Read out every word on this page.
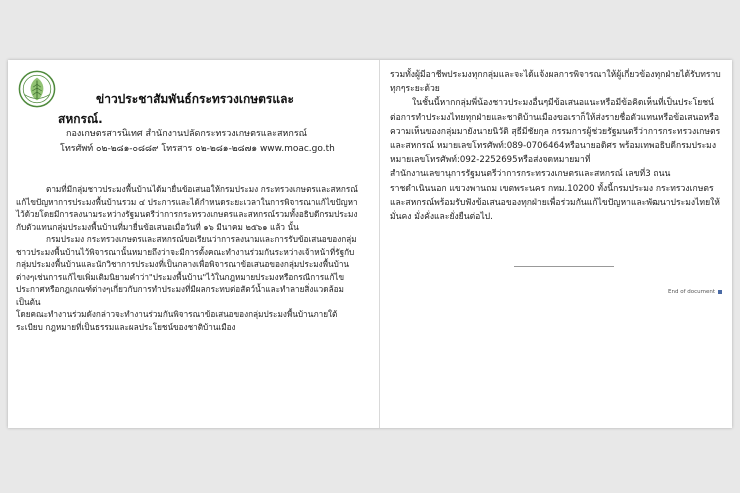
ข่าวประชาสัมพันธ์กระทรวงเกษตรและ
สหกรณ์.
กองเกษตรสารนิเทศ สำนักงานปลัดกระทรวงเกษตรและสหกรณ์
โทรศัพท์ ๐๒-๒๘๑-๐๘๘๙ โทรสาร ๐๒-๒๘๑-๒๘๗๑ www.moac.go.th

ตามที่มีกลุ่มชาวประมงพื้นบ้านได้มายื่นข้อเสนอให้กรมประมง กระทรวงเกษตรและสหกรณ์แก้ไขปัญหาการประมงพื้นบ้านรวม ๔ ประการและได้กำหนดระยะเวลาในการพิจารณาแก้ไขปัญหาไว้ด้วยโดยมีการลงนามระหว่างรัฐมนตรีว่าการกระทรวงเกษตรและสหกรณ์รวมทั้งอธิบดีกรมประมงกับตัวแทนกลุ่มประมงพื้นบ้านที่มายื่นข้อเสนอเมื่อวันที่ ๑๖ มีนาคม ๒๕๖๑ แล้ว นั้น

กรมประมง กระทรวงเกษตรและสหกรณ์ขอเรียนว่าการลงนามและการรับข้อเสนอของกลุ่มชาวประมงพื้นบ้านไว้พิจารณานั้นหมายถึงว่าจะมีการตั้งคณะทำงานร่วมกันระหว่างเจ้าหน้าที่รัฐกับกลุ่มประมงพื้นบ้านและนักวิชาการประมงที่เป็นกลางเพื่อพิจารณาข้อเสนอของกลุ่มประมงพื้นบ้านต่างๆเช่นการแก้ไขเพิ่มเติมนิยามคำว่า"ประมงพื้นบ้าน"ไว้ในกฎหมายประมงหรือกรณีการแก้ไขประกาศหรือกฎเกณฑ์ต่างๆเกี่ยวกับการทำประมงที่มีผลกระทบต่อสัตว์น้ำและทำลายสิ่งแวดล้อม เป็นต้น

โดยคณะทำงานร่วมดังกล่าวจะทำงานร่วมกันพิจารณาข้อเสนอของกลุ่มประมงพื้นบ้านภายใต้ระเบียบ กฎหมายที่เป็นธรรมและผลประโยชน์ของชาติบ้านเมือง

รวมทั้งผู้มีอาชีพประมงทุกกลุ่มและจะได้แจ้งผลการพิจารณาให้ผู้เกี่ยวข้องทุกฝ่ายได้รับทราบทุกๆระยะด้วย

ในชั้นนี้หากกลุ่มพี่น้องชาวประมงอื่นๆมีข้อเสนอแนะหรือมีข้อคิดเห็นที่เป็นประโยชน์ต่อการทำประมงไทยทุกฝ่ายและชาติบ้านเมืองขอเราก็ให้ส่งรายชื่อตัวแทนหรือข้อเสนอหรือความเห็นของกลุ่มมายังนายนิวัติ สุธีมีชัยกุล กรรมการผู้ช่วยรัฐมนตรีว่าการกระทรวงเกษตรและสหกรณ์ หมายเลขโทรศัพท์:089-0706464หรือนายอดิศร พร้อมเทพอธิบดีกรมประมงหมายเลขโทรศัพท์:092-2252695หรือส่งจดหมายมาที่

สำนักงานเลขานุการรัฐมนตรีว่าการกระทรวงเกษตรและสหกรณ์ เลขที่3 ถนนราชดำเนินนอก แขวงพานถม เขตพระนคร กทม.10200 ทั้งนี้กรมประมง กระทรวงเกษตรและสหกรณ์พร้อมรับฟังข้อเสนอของทุกฝ่ายเพื่อร่วมกันแก้ไขปัญหาและพัฒนาประมงไทยให้มั่นคง มั่งคั่งและยั่งยืนต่อไป.

End of document
